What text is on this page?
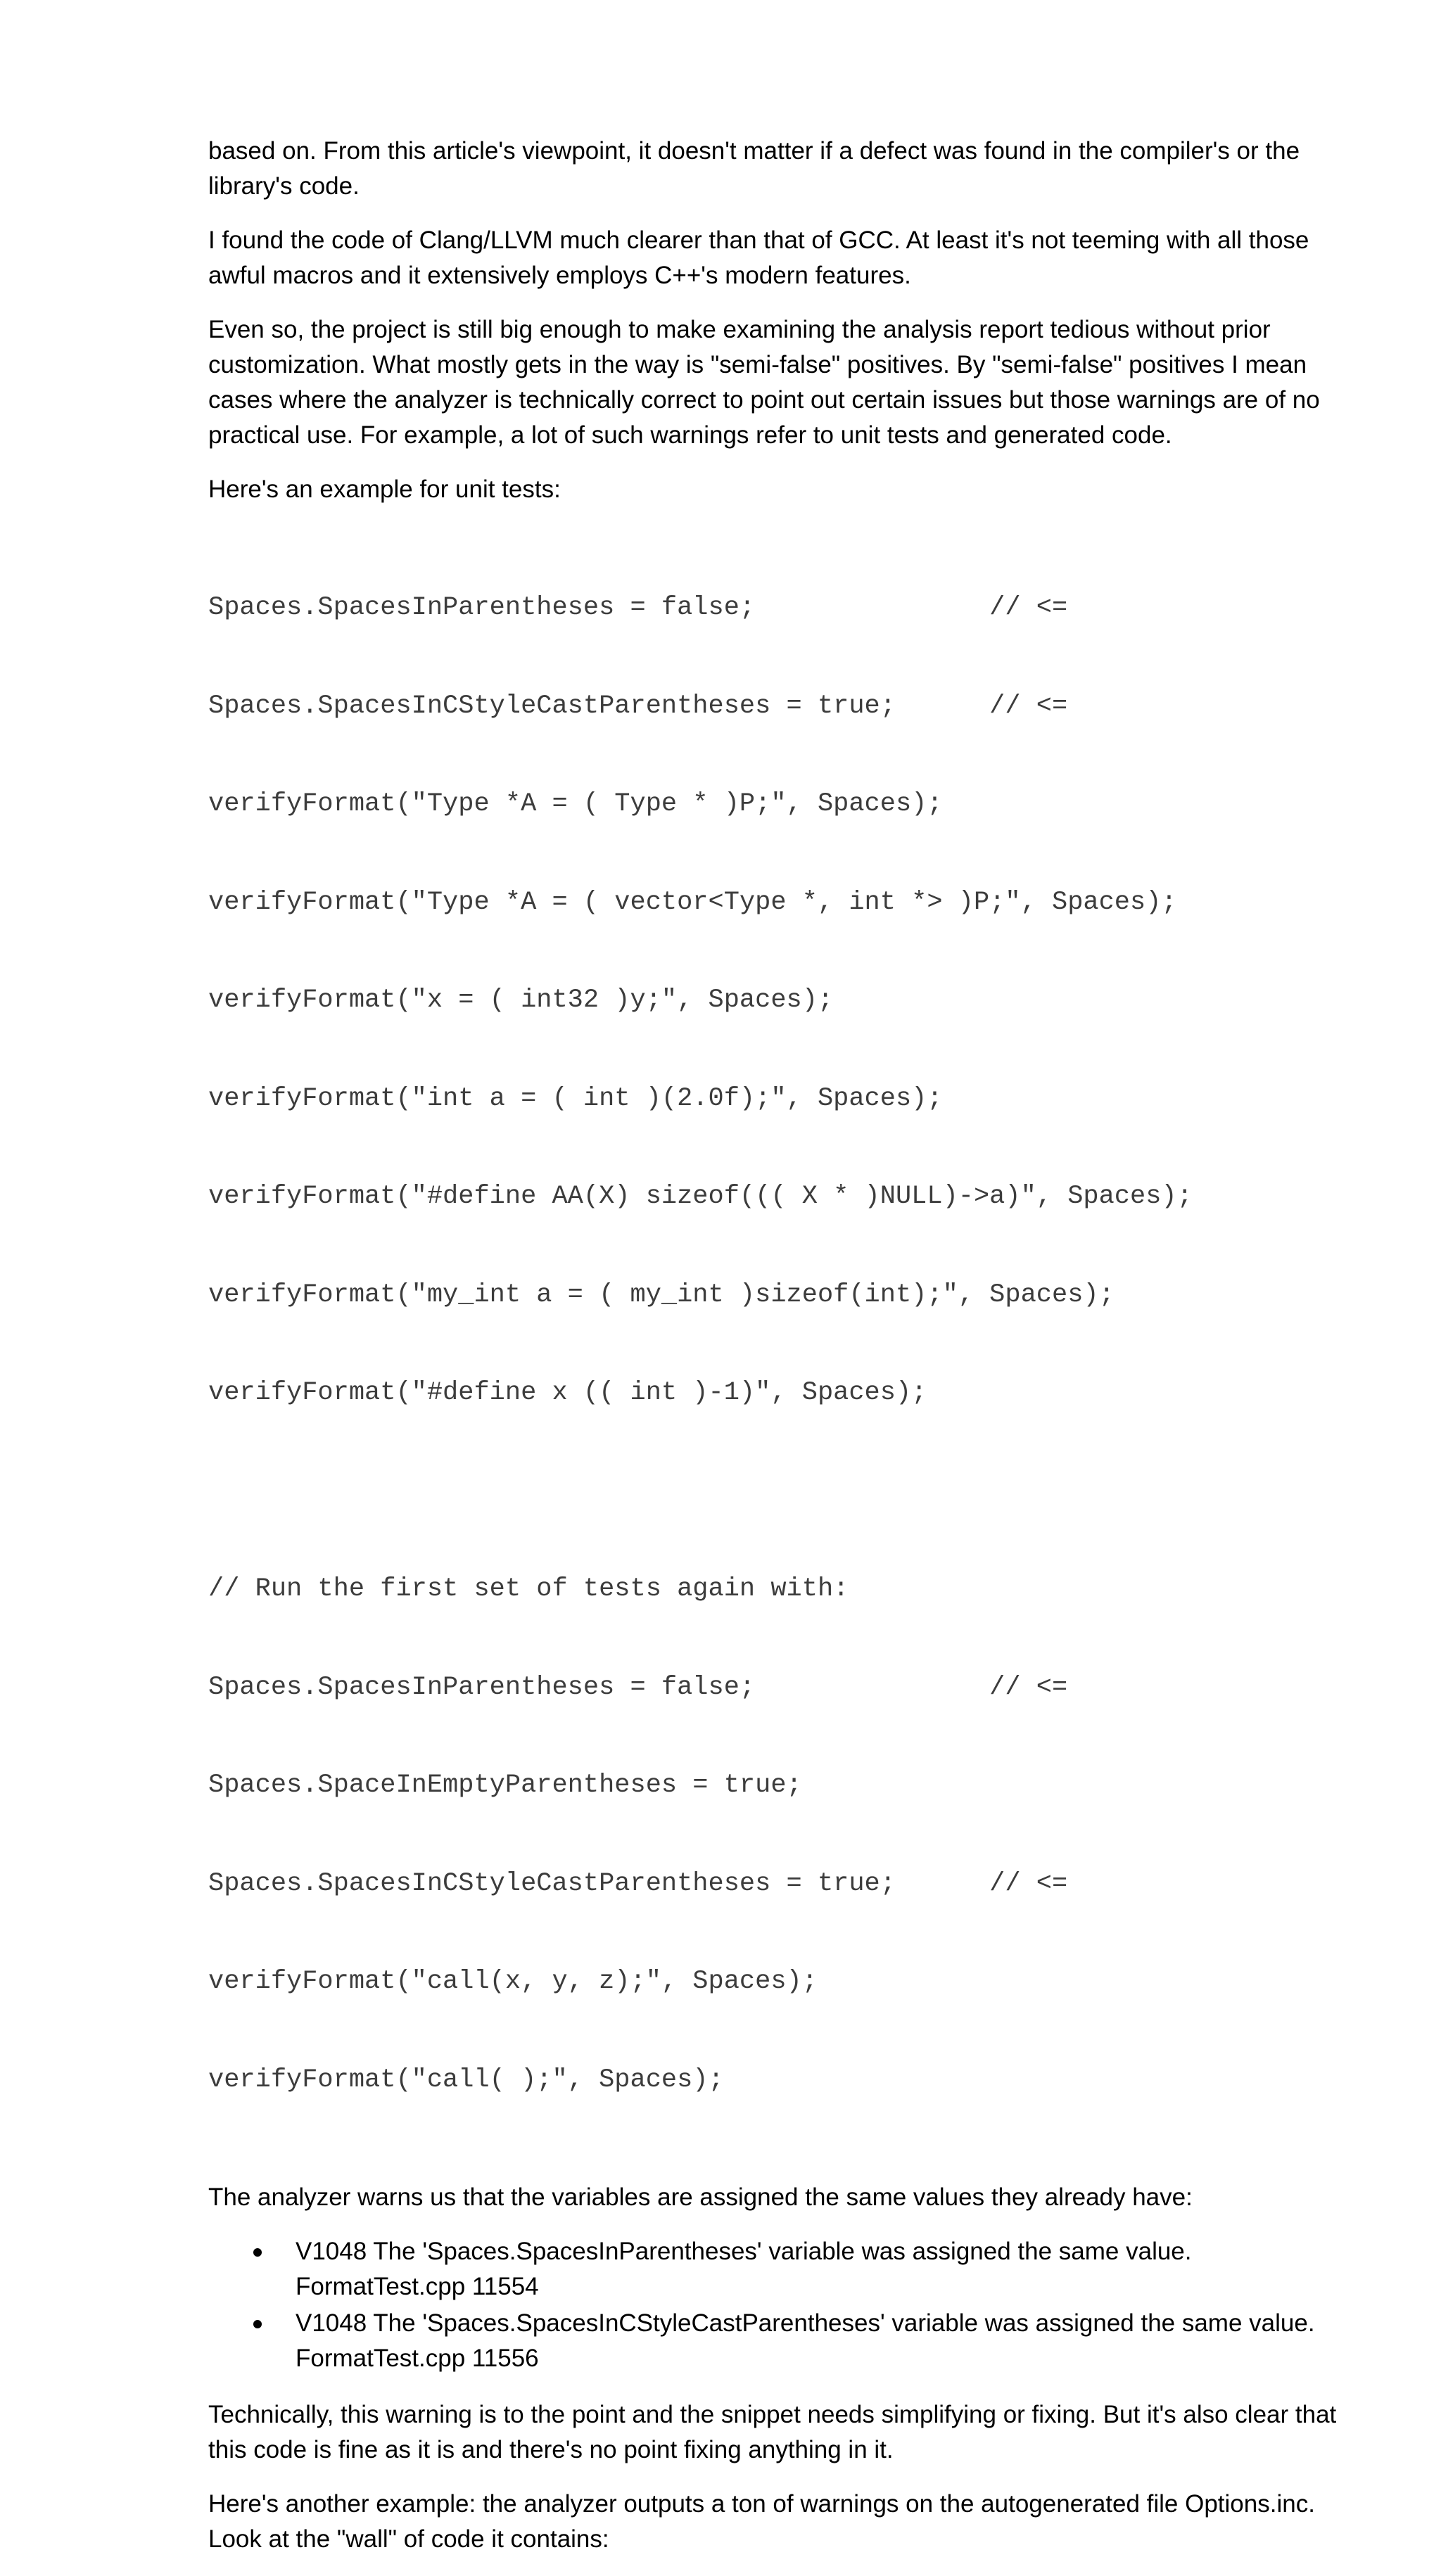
based on. From this article's viewpoint, it doesn't matter if a defect was found in the compiler's or the library's code.

I found the code of Clang/LLVM much clearer than that of GCC. At least it's not teeming with all those awful macros and it extensively employs C++'s modern features.

Even so, the project is still big enough to make examining the analysis report tedious without prior customization. What mostly gets in the way is "semi-false" positives. By "semi-false" positives I mean cases where the analyzer is technically correct to point out certain issues but those warnings are of no practical use. For example, a lot of such warnings refer to unit tests and generated code.

Here's an example for unit tests:

Spaces.SpacesInParentheses = false;               // <=

Spaces.SpacesInCStyleCastParentheses = true;      // <=

verifyFormat("Type *A = ( Type * )P;", Spaces);

verifyFormat("Type *A = ( vector<Type *, int *> )P;", Spaces);

verifyFormat("x = ( int32 )y;", Spaces);

verifyFormat("int a = ( int )(2.0f);", Spaces);

verifyFormat("#define AA(X) sizeof((( X * )NULL)->a)", Spaces);

verifyFormat("my_int a = ( my_int )sizeof(int);", Spaces);

verifyFormat("#define x (( int )-1)", Spaces);

// Run the first set of tests again with:

Spaces.SpacesInParentheses = false;               // <=

Spaces.SpaceInEmptyParentheses = true;

Spaces.SpacesInCStyleCastParentheses = true;      // <=

verifyFormat("call(x, y, z);", Spaces);

verifyFormat("call( );", Spaces);

The analyzer warns us that the variables are assigned the same values they already have:

V1048 The 'Spaces.SpacesInParentheses' variable was assigned the same value. FormatTest.cpp 11554
V1048 The 'Spaces.SpacesInCStyleCastParentheses' variable was assigned the same value. FormatTest.cpp 11556

Technically, this warning is to the point and the snippet needs simplifying or fixing. But it's also clear that this code is fine as it is and there's no point fixing anything in it.

Here's another example: the analyzer outputs a ton of warnings on the autogenerated file Options.inc. Look at the "wall" of code it contains:
